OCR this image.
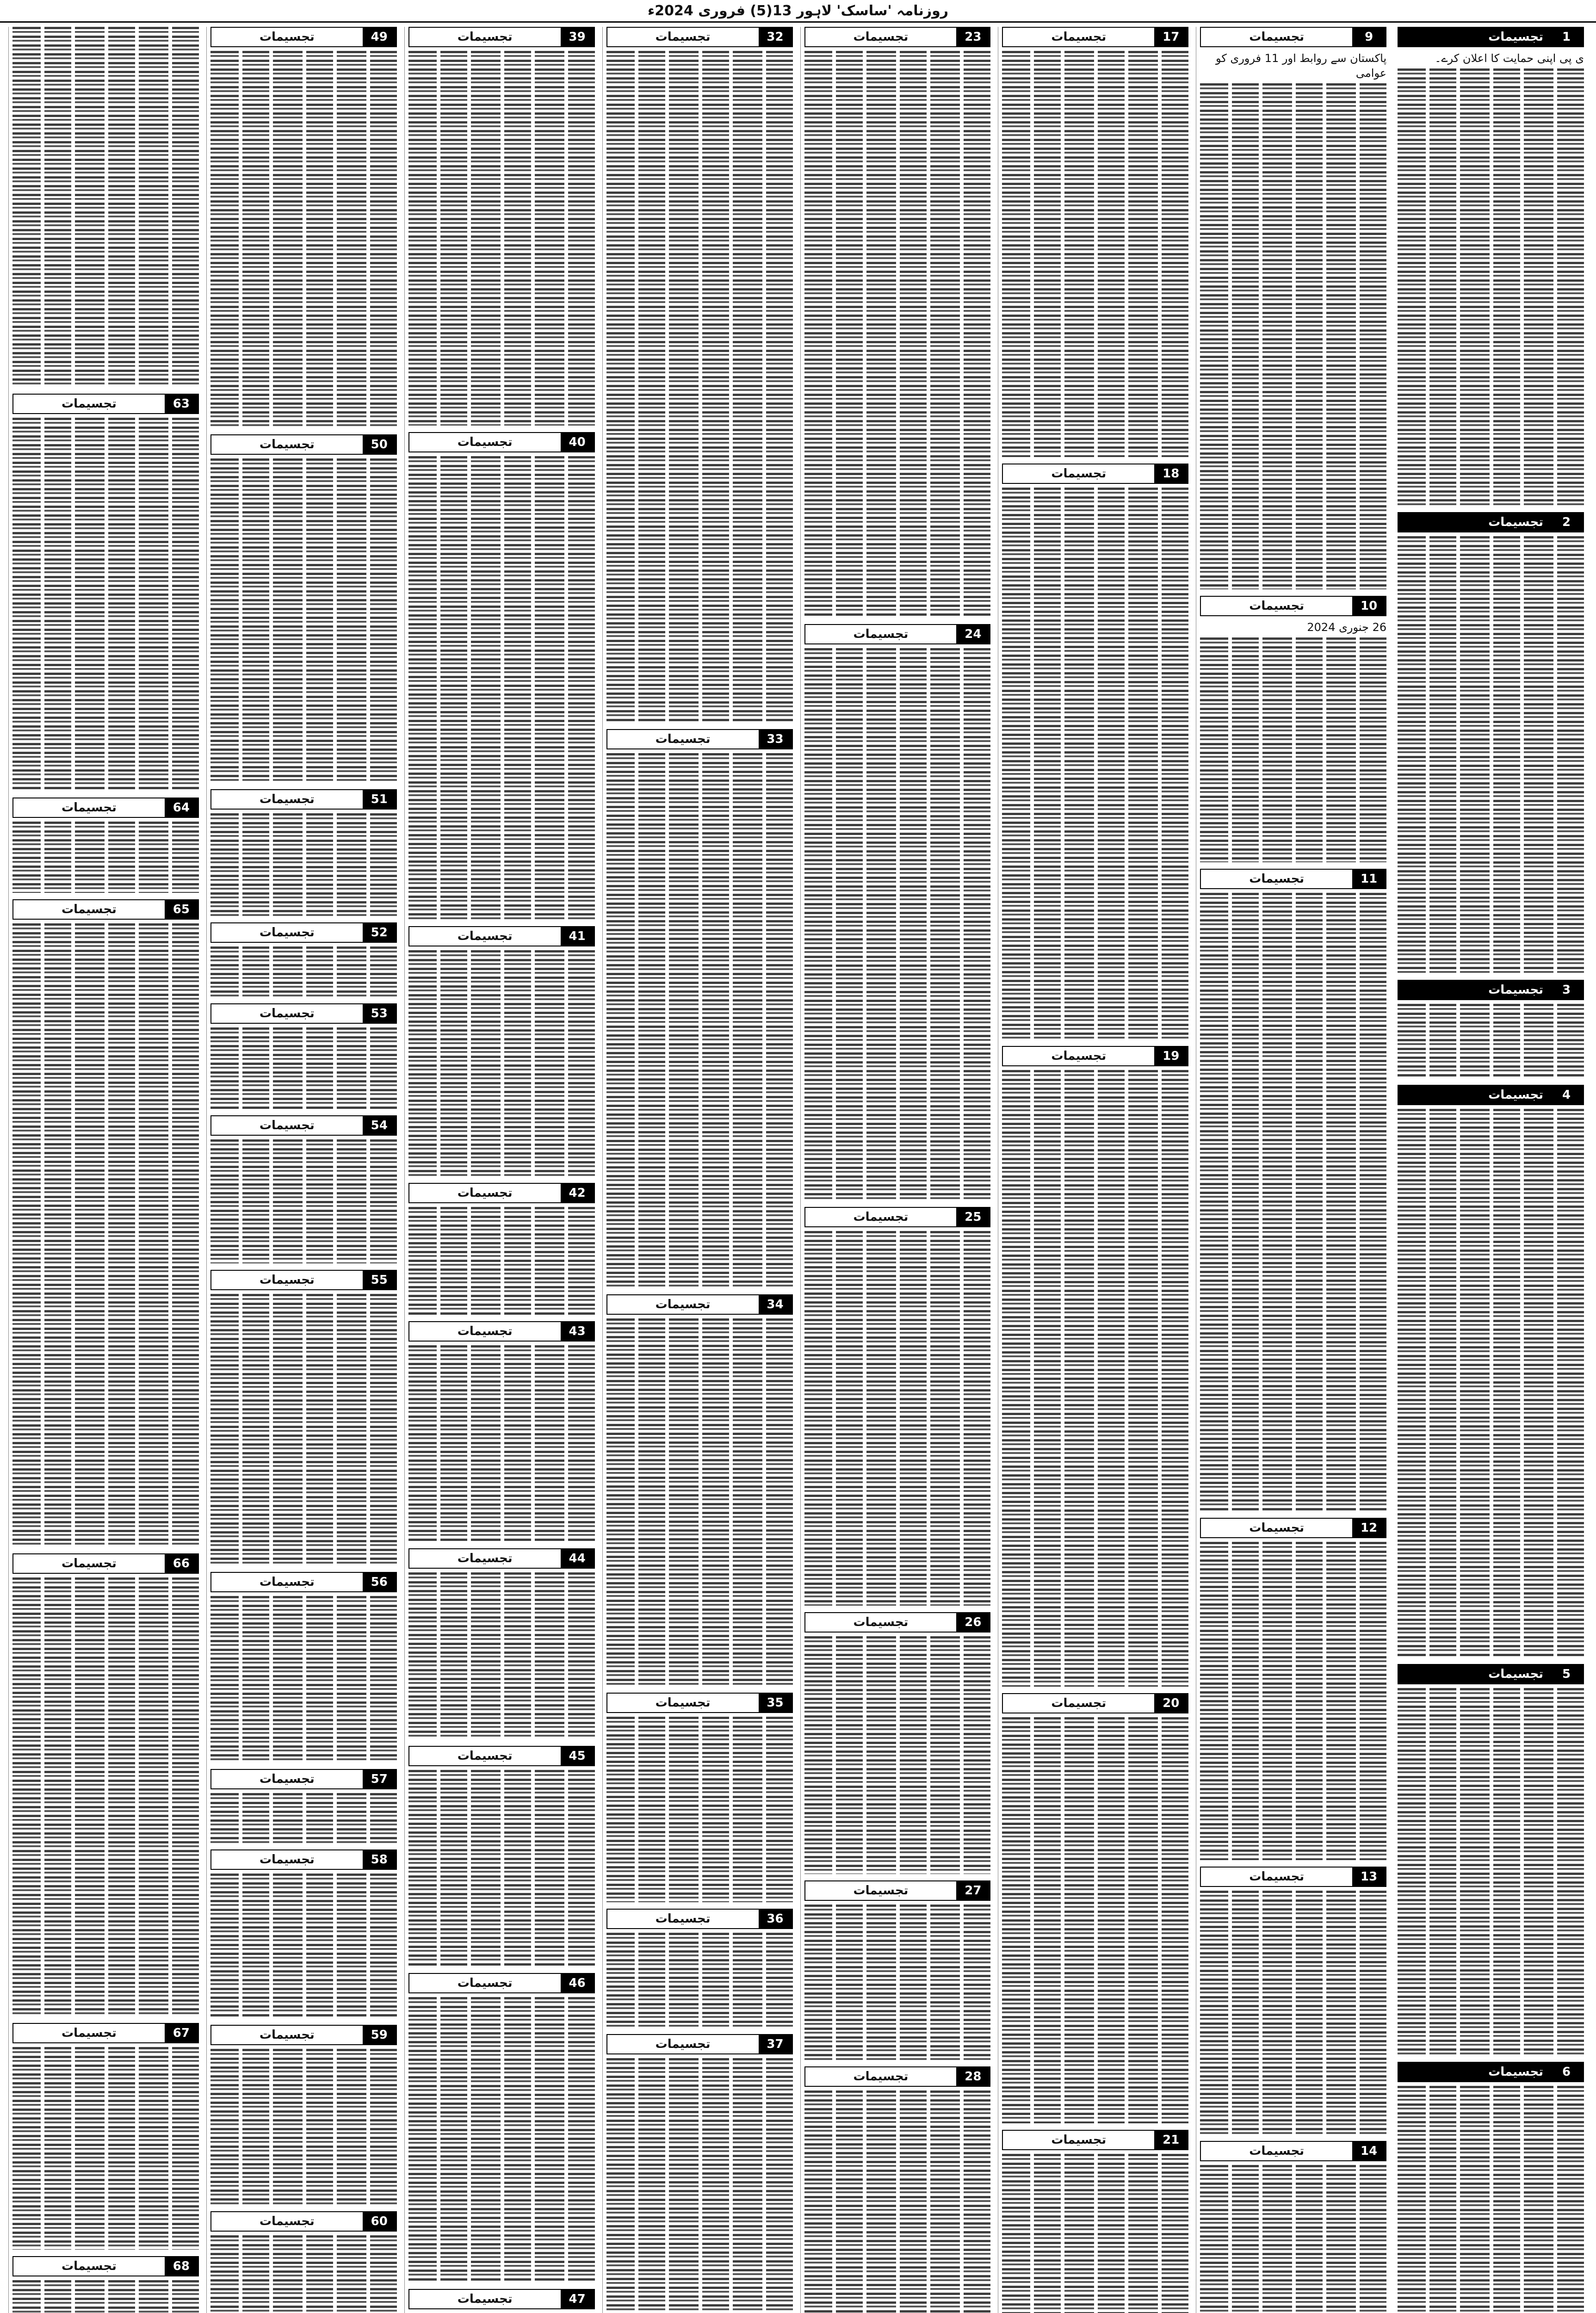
روزنامہ 'ساسک' لاہور 13(5) فروری 2024ء
1
تجسیمات
ی پی اپنی حمایت کا اعلان کرے۔
2
تجسیمات
3
تجسیمات
4
تجسیمات
5
تجسیمات
6
تجسیمات
9
تجسیمات
پاکستان سے روابط اور 11 فروری کو عوامی
10
تجسیمات
26 جنوری 2024
11
تجسیمات
12
تجسیمات
13
تجسیمات
14
تجسیمات
17
تجسیمات
18
تجسیمات
19
تجسیمات
20
تجسیمات
21
تجسیمات
23
تجسیمات
24
تجسیمات
25
تجسیمات
26
تجسیمات
27
تجسیمات
28
تجسیمات
32
تجسیمات
33
تجسیمات
34
تجسیمات
35
تجسیمات
36
تجسیمات
37
تجسیمات
39
تجسیمات
40
تجسیمات
41
تجسیمات
42
تجسیمات
43
تجسیمات
44
تجسیمات
45
تجسیمات
46
تجسیمات
47
تجسیمات
49
تجسیمات
50
تجسیمات
51
تجسیمات
52
تجسیمات
53
تجسیمات
54
تجسیمات
55
تجسیمات
56
تجسیمات
57
تجسیمات
58
تجسیمات
59
تجسیمات
60
تجسیمات
63
تجسیمات
64
تجسیمات
65
تجسیمات
66
تجسیمات
67
تجسیمات
68
تجسیمات
